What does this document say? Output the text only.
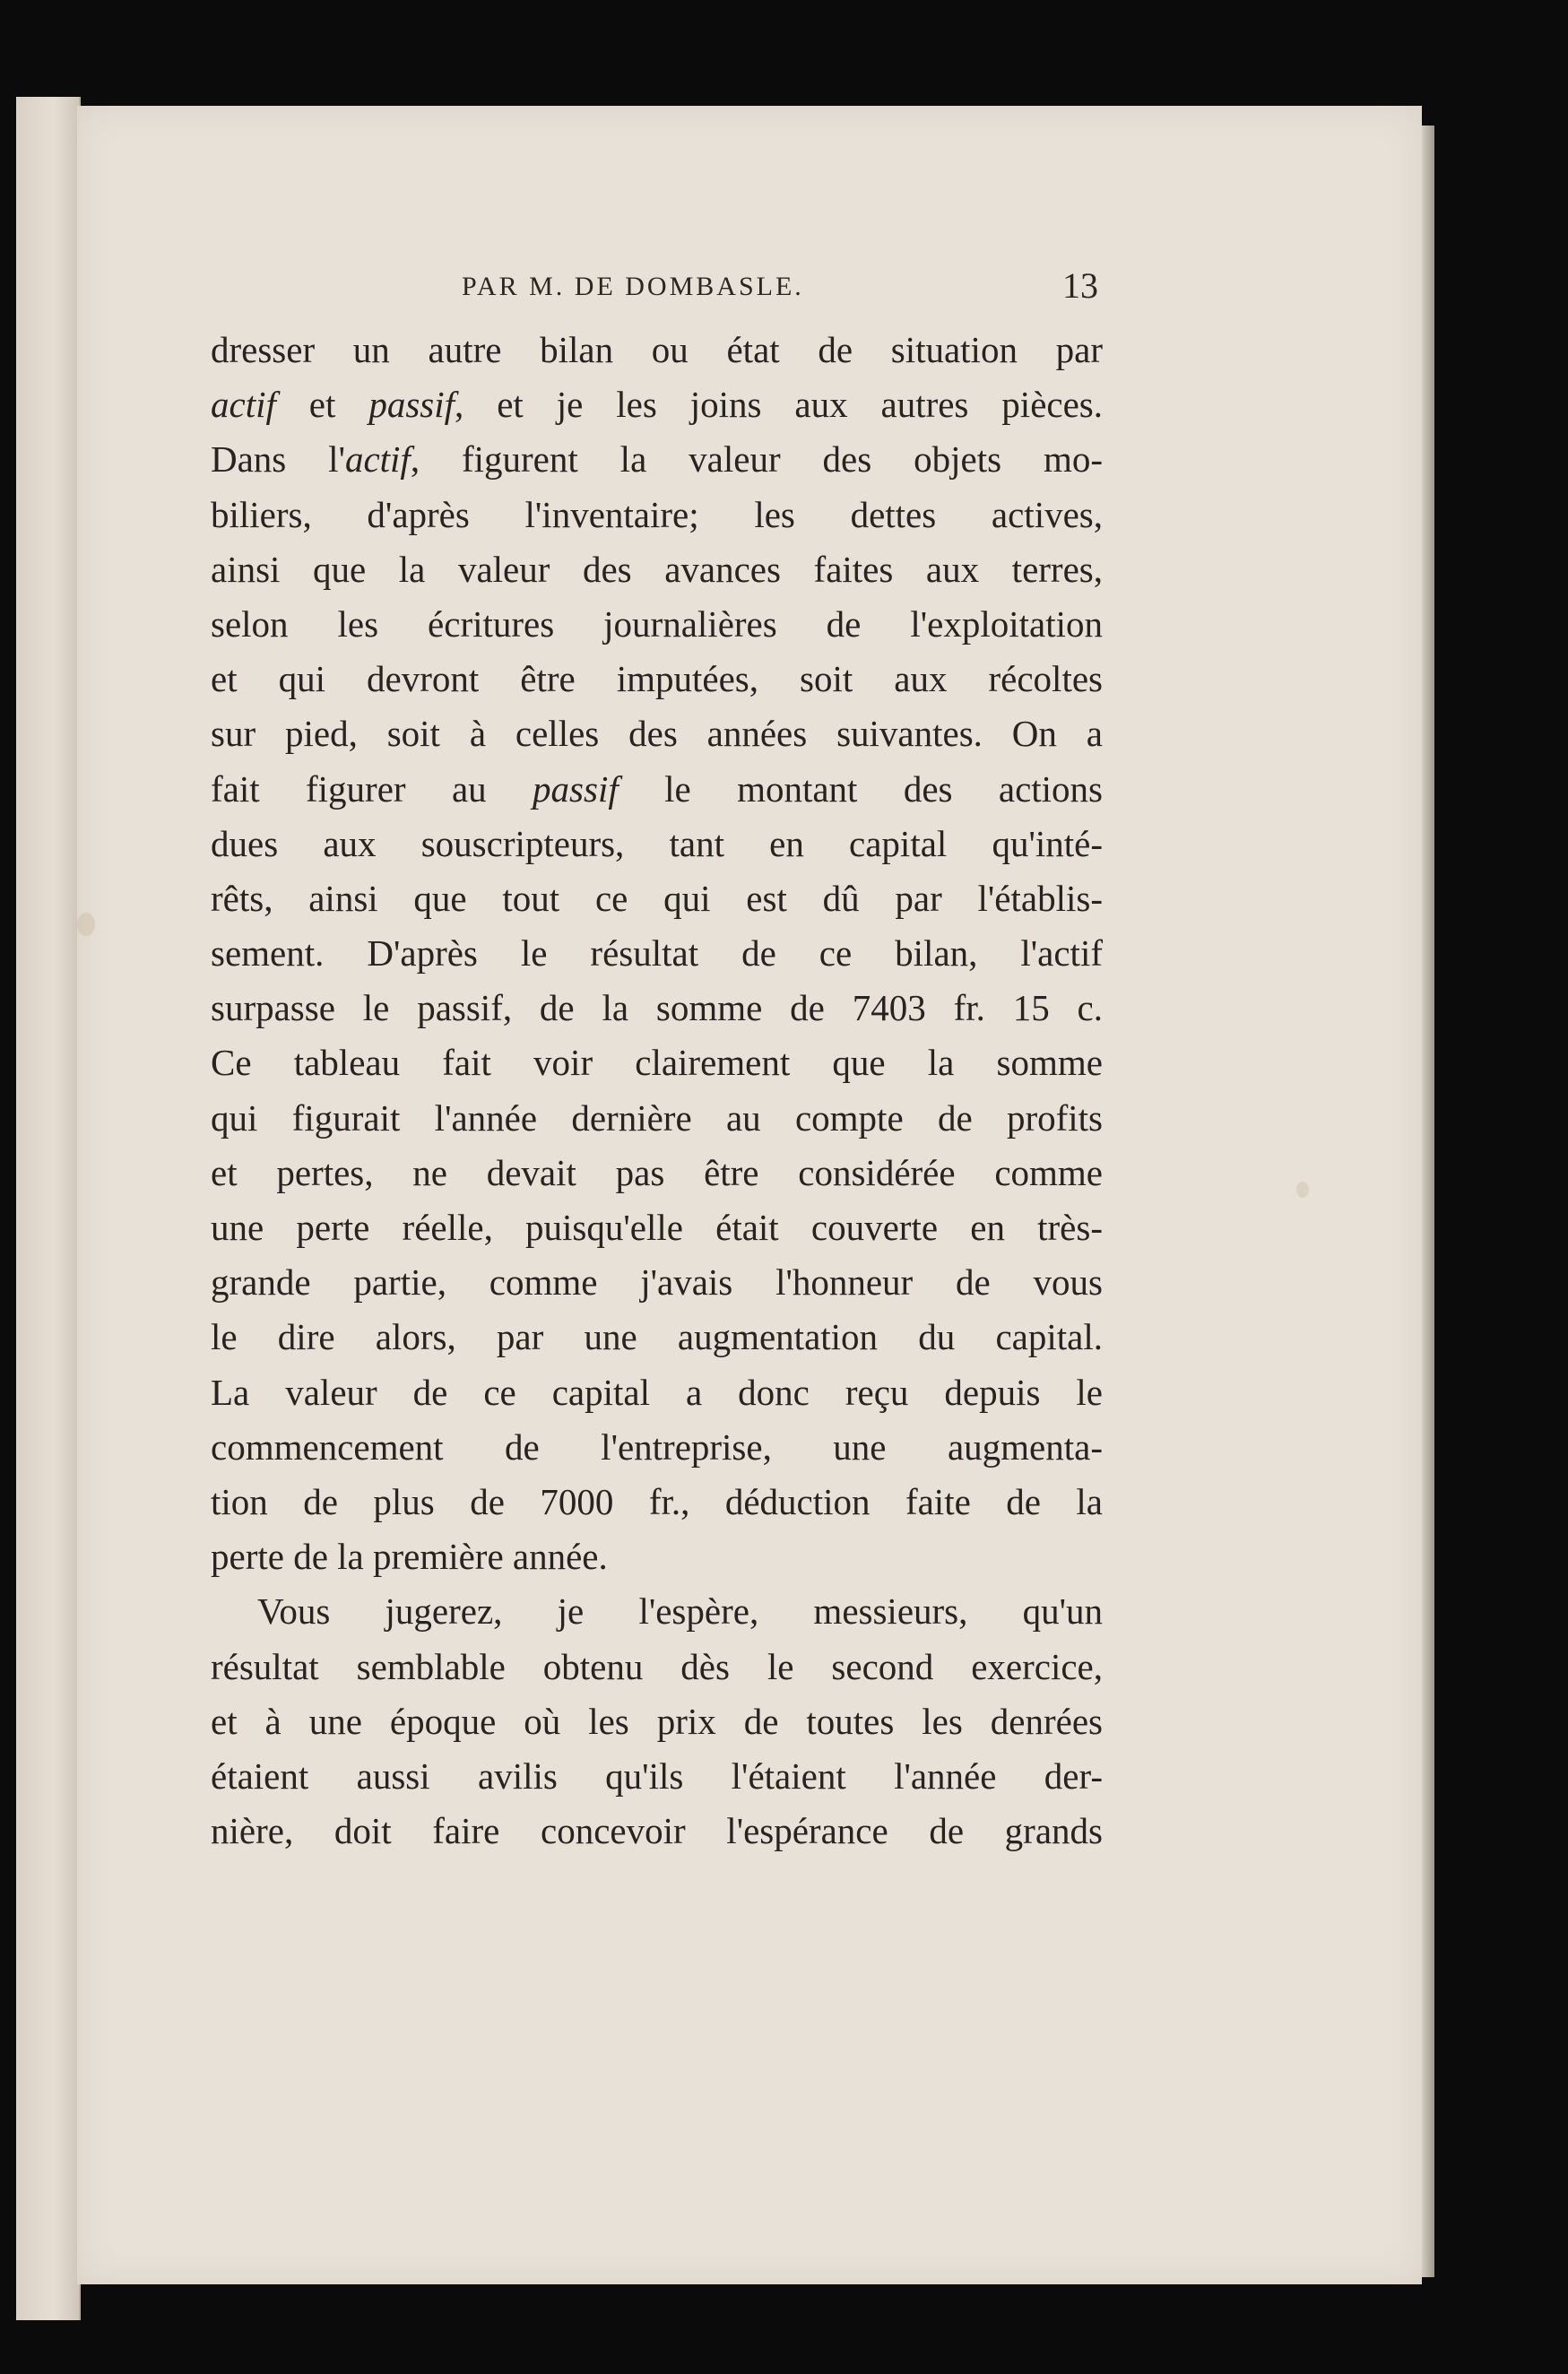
PAR M. DE DOMBASLE.	13
dresser un autre bilan ou état de situation par
actif et passif, et je les joins aux autres pièces.
Dans l'actif, figurent la valeur des objets mo-
biliers, d'après l'inventaire; les dettes actives,
ainsi que la valeur des avances faites aux terres,
selon les écritures journalières de l'exploitation
et qui devront être imputées, soit aux récoltes
sur pied, soit à celles des années suivantes. On a
fait figurer au passif le montant des actions
dues aux souscripteurs, tant en capital qu'inté-
rêts, ainsi que tout ce qui est dû par l'établis-
sement. D'après le résultat de ce bilan, l'actif
surpasse le passif, de la somme de 7403 fr. 15 c.
Ce tableau fait voir clairement que la somme
qui figurait l'année dernière au compte de profits
et pertes, ne devait pas être considérée comme
une perte réelle, puisqu'elle était couverte en très-
grande partie, comme j'avais l'honneur de vous
le dire alors, par une augmentation du capital.
La valeur de ce capital a donc reçu depuis le
commencement de l'entreprise, une augmenta-
tion de plus de 7000 fr., déduction faite de la
perte de la première année.
Vous jugerez, je l'espère, messieurs, qu'un
résultat semblable obtenu dès le second exercice,
et à une époque où les prix de toutes les denrées
étaient aussi avilis qu'ils l'étaient l'année der-
nière, doit faire concevoir l'espérance de grands
